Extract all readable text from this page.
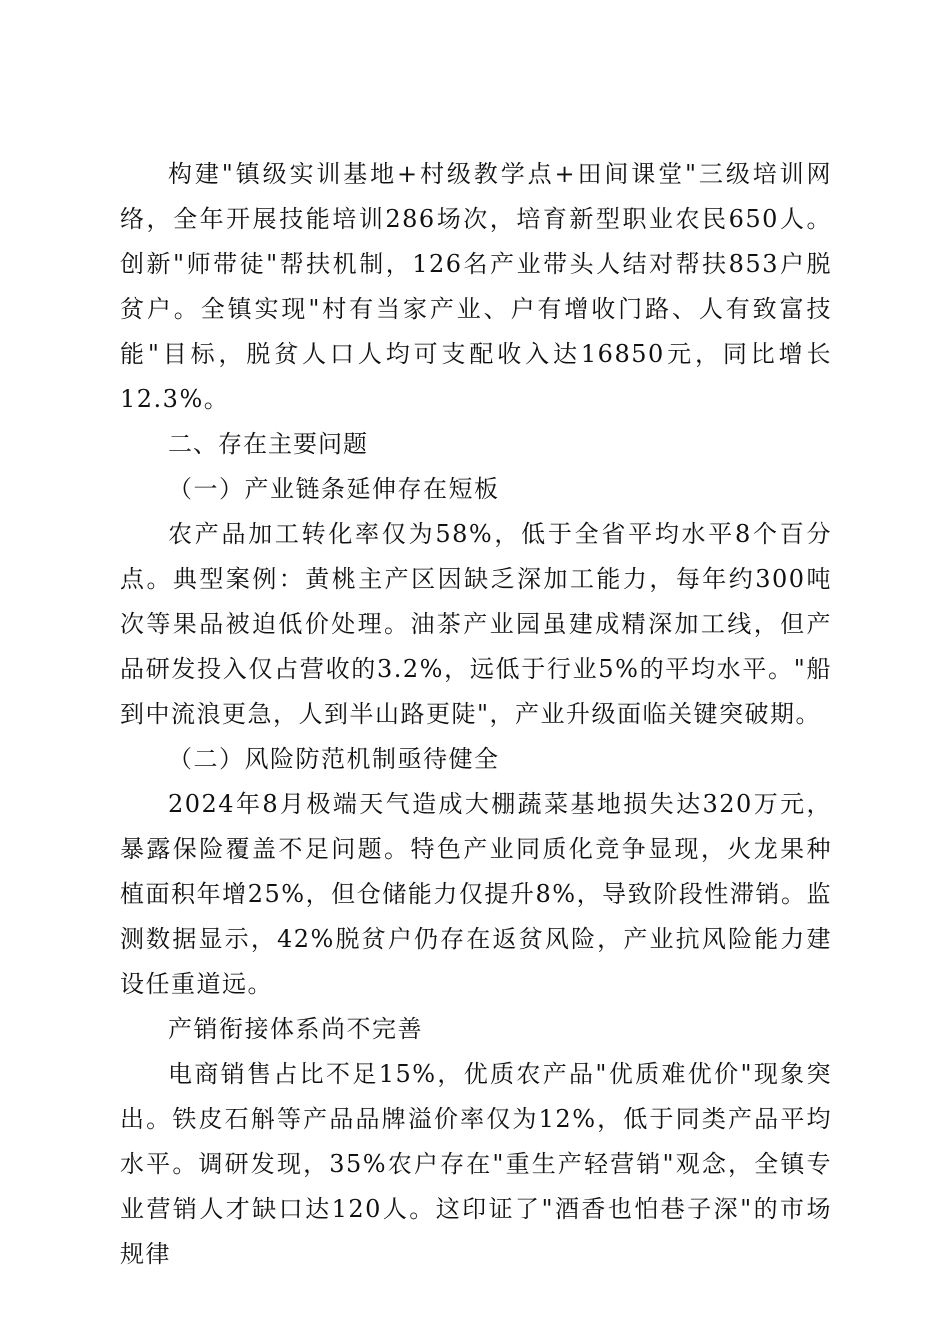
构建"镇级实训基地+村级教学点+田间课堂"三级培训网络，全年开展技能培训286场次，培育新型职业农民650人。创新"师带徒"帮扶机制，126名产业带头人结对帮扶853户脱贫户。全镇实现"村有当家产业、户有增收门路、人有致富技能"目标，脱贫人口人均可支配收入达16850元，同比增长12.3%。

二、存在主要问题

（一）产业链条延伸存在短板

农产品加工转化率仅为58%，低于全省平均水平8个百分点。典型案例：黄桃主产区因缺乏深加工能力，每年约300吨次等果品被迫低价处理。油茶产业园虽建成精深加工线，但产品研发投入仅占营收的3.2%，远低于行业5%的平均水平。"船到中流浪更急，人到半山路更陡"，产业升级面临关键突破期。

（二）风险防范机制亟待健全

2024年8月极端天气造成大棚蔬菜基地损失达320万元，暴露保险覆盖不足问题。特色产业同质化竞争显现，火龙果种植面积年增25%，但仓储能力仅提升8%，导致阶段性滞销。监测数据显示，42%脱贫户仍存在返贫风险，产业抗风险能力建设任重道远。

产销衔接体系尚不完善

电商销售占比不足15%，优质农产品"优质难优价"现象突出。铁皮石斛等产品品牌溢价率仅为12%，低于同类产品平均水平。调研发现，35%农户存在"重生产轻营销"观念，全镇专业营销人才缺口达120人。这印证了"酒香也怕巷子深"的市场规律
